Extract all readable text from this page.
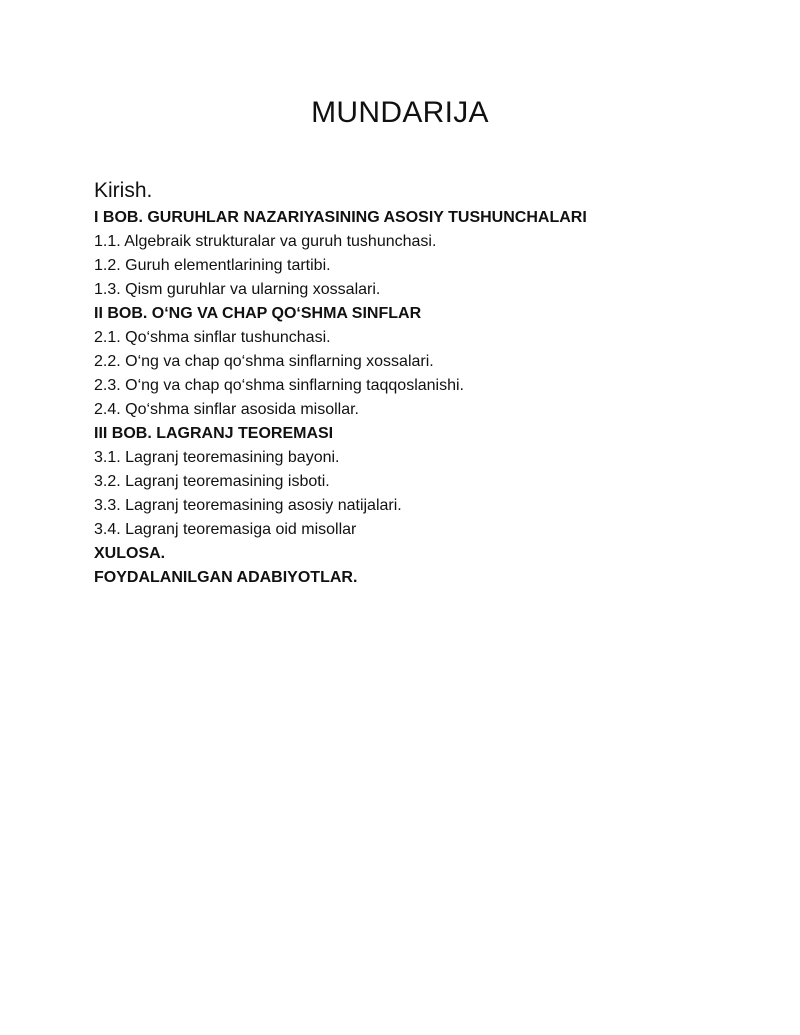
MUNDARIJA

Kirish.

I BOB. GURUHLAR NAZARIYASINING ASOSIY TUSHUNCHALARI

1.1. Algebraik strukturalar va guruh tushunchasi.

1.2. Guruh elementlarining tartibi.

1.3. Qism guruhlar va ularning xossalari.

II BOB. O‘NG VA CHAP QO‘SHMA SINFLAR

2.1. Qo‘shma sinflar tushunchasi.

2.2. O‘ng va chap qo‘shma sinflarning xossalari.

2.3. O‘ng va chap qo‘shma sinflarning taqqoslanishi.

2.4. Qo‘shma sinflar asosida misollar.

III BOB. LAGRANJ TEOREMASI

3.1. Lagranj teoremasining bayoni.

3.2. Lagranj teoremasining isboti.

3.3. Lagranj teoremasining asosiy natijalari.

3.4. Lagranj teoremasiga oid misollar

XULOSA.

FOYDALANILGAN ADABIYOTLAR.
